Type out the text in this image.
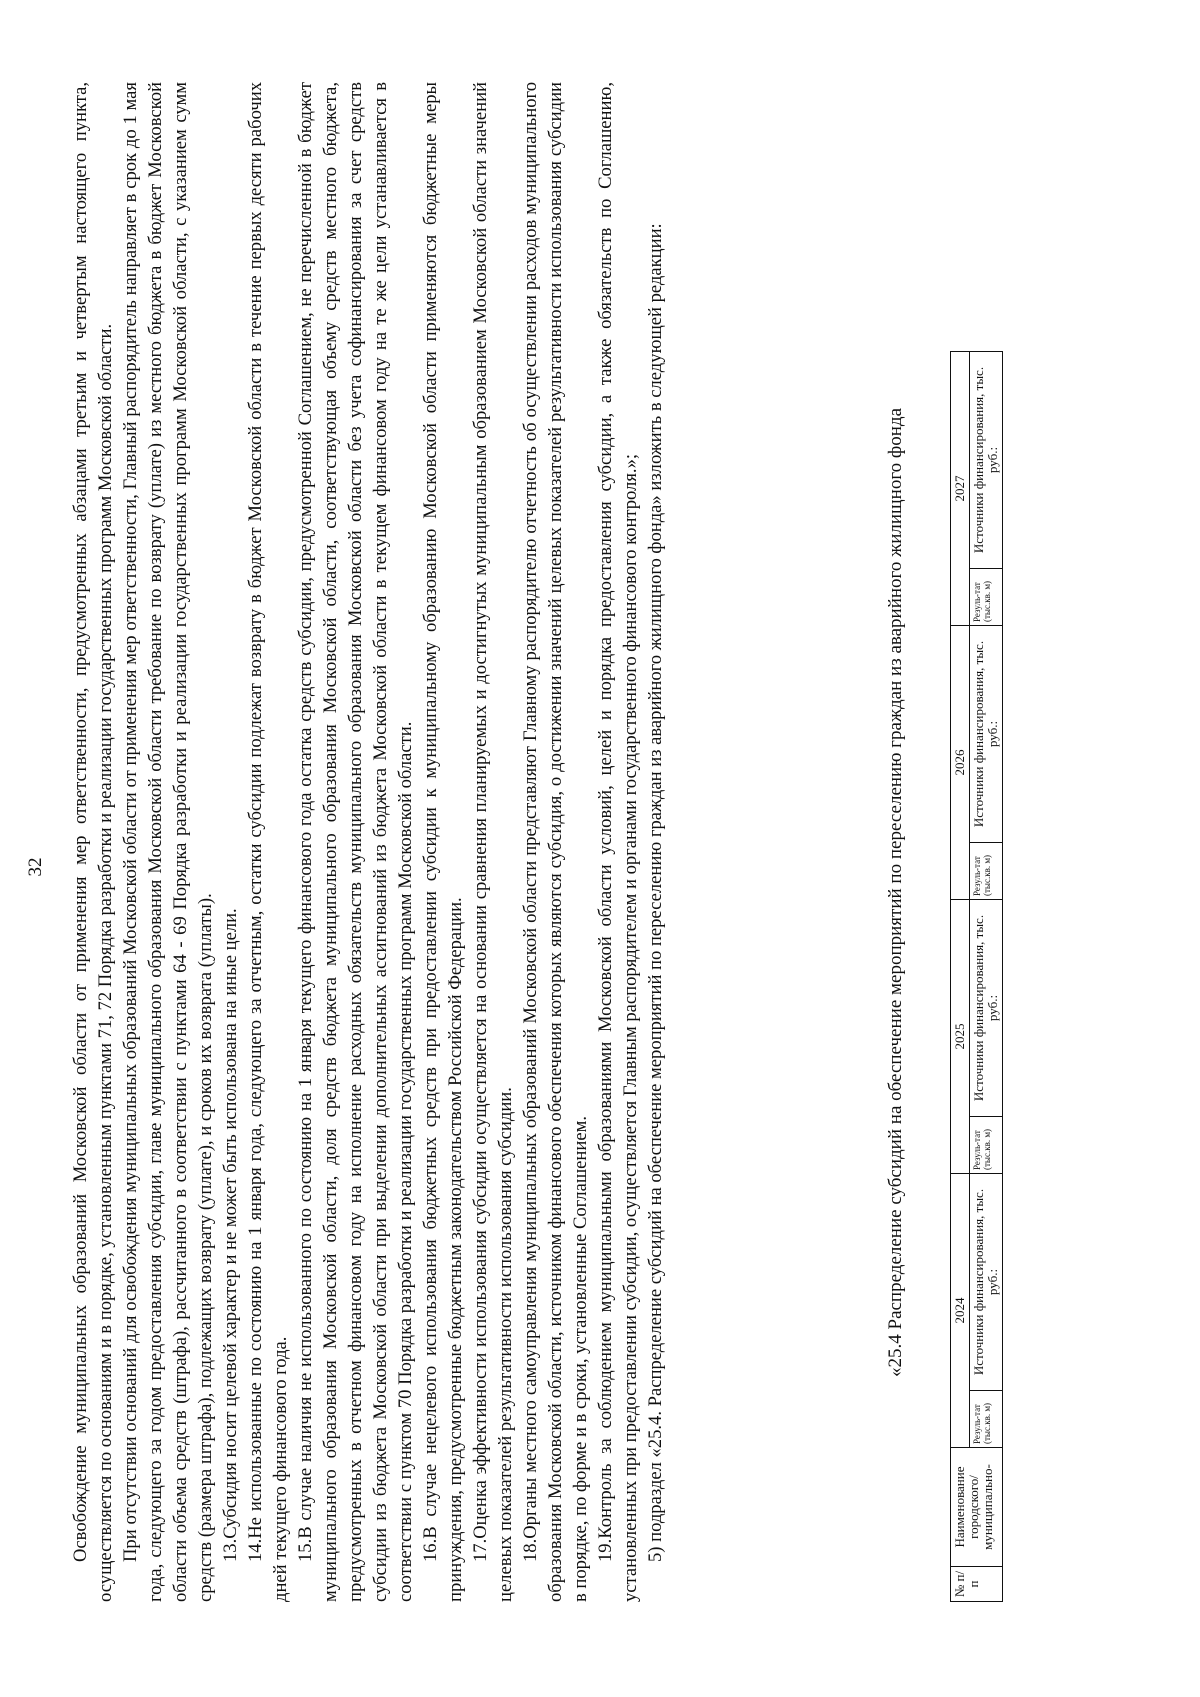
32 Освобождение муниципальных образований Московской области от применения мер ответственности, предусмотренных абзацами третьим и четвертым настоящего пункта, осуществляется по основаниям и в порядке, установленным пунктами 71, 72 Порядка разработки и реализации государственных программ Московской области. При отсутствии оснований для освобождения муниципальных образований Московской области от применения мер ответственности, Главный распорядитель направляет в срок до 1 мая года, следующего за годом предоставления субсидии, главе муниципального образования Московской области требование по возврату (уплате) из местного бюджета в бюджет Московской области объема средств (штрафа), рассчитанного в соответствии с пунктами 64 - 69 Порядка разработки и реализации государственных программ Московской области, с указанием сумм средств (размера штрафа), подлежащих возврату (уплате), и сроков их возврата (уплаты). 13.Субсидия носит целевой характер и не может быть использована на иные цели. 14.Не использованные по состоянию на 1 января года, следующего за отчетным, остатки субсидии подлежат возврату в бюджет Московской области в течение первых десяти рабочих дней текущего финансового года. 15.В случае наличия не использованного по состоянию на 1 января текущего финансового года остатка средств субсидии, предусмотренной Соглашением, не перечисленной в бюджет муниципального образования Московской области, доля средств бюджета муниципального образования Московской области, соответствующая объему средств местного бюджета, предусмотренных в отчетном финансовом году на исполнение расходных обязательств муниципального образования Московской области без учета софинансирования за счет средств субсидии из бюджета Московской области при выделении дополнительных ассигнований из бюджета Московской области в текущем финансовом году на те же цели устанавливается в соответствии с пунктом 70 Порядка разработки и реализации государственных программ Московской области. 16.В случае нецелевого использования бюджетных средств при предоставлении субсидии к муниципальному образованию Московской области применяются бюджетные меры принуждения, предусмотренные бюджетным законодательством Российской Федерации. 17.Оценка эффективности использования субсидии осуществляется на основании сравнения планируемых и достигнутых муниципальным образованием Московской области значений целевых показателей результативности использования субсидии. 18.Органы местного самоуправления муниципальных образований Московской области представляют Главному распорядителю отчетность об осуществлении расходов муниципального образования Московской области, источником финансового обеспечения которых являются субсидия, о достижении значений целевых показателей результативности использования субсидии в порядке, по форме и в сроки, установленные Соглашением. 19.Контроль за соблюдением муниципальными образованиями Московской области условий, целей и порядка предоставления субсидии, а также обязательств по Соглашению, установленных при предоставлении субсидии, осуществляется Главным распорядителем и органами государственного финансового контроля.»; 5) подраздел «25.4. Распределение субсидий на обеспечение мероприятий по переселению граждан из аварийного жилищного фонда» изложить в следующей редакции:	«25.4 Распределение субсидий на обеспечение мероприятий по переселению граждан из аварийного жилищного фонда
№ п/п	Наименование городского/ муниципально-	2024		2025		2026		2027	
		Резуль-тат (тыс.кв. м)	Источники финансирования, тыс. руб.:	Резуль-тат (тыс.кв. м)	Источники финансирования, тыс. руб.:	Резуль-тат (тыс.кв. м)	Источники финансирования, тыс. руб.:	Резуль-тат (тыс.кв. м)	Источники финансирования, тыс. руб.:
